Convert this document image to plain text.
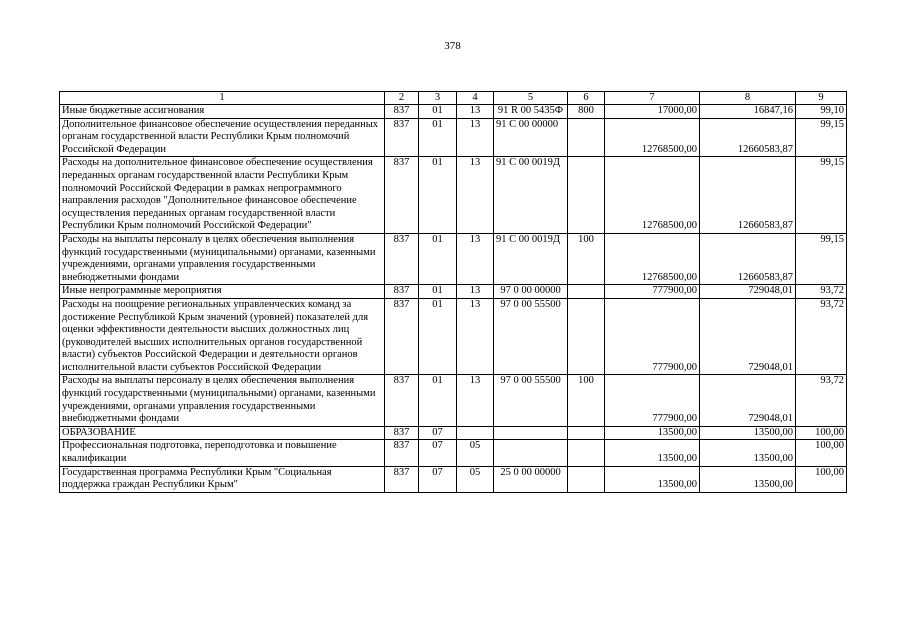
378
1	2	3	4	5	6	7	8	9
Иные бюджетные ассигнования	837	01	13	91 R 00 5435Ф	800	17000,00	16847,16	99,10
Дополнительное финансовое обеспечение осуществления переданных органам государственной власти Республики Крым полномочий Российской Федерации	837	01	13	91 С 00 00000		12768500,00	12660583,87	99,15
Расходы на дополнительное финансовое обеспечение осуществления переданных органам государственной власти Республики Крым полномочий Российской Федерации в рамках непрограммного направления расходов "Дополнительное финансовое обеспечение осуществления переданных органам государственной власти Республики Крым полномочий Российской Федерации"	837	01	13	91 С 00 0019Д		12768500,00	12660583,87	99,15
Расходы на выплаты персоналу в целях обеспечения выполнения функций государственными (муниципальными) органами, казенными учреждениями, органами управления государственными внебюджетными фондами	837	01	13	91 С 00 0019Д	100	12768500,00	12660583,87	99,15
Иные непрограммные мероприятия	837	01	13	97 0 00 00000		777900,00	729048,01	93,72
Расходы на поощрение региональных управленческих команд за достижение Республикой Крым значений (уровней) показателей для оценки эффективности деятельности высших должностных лиц (руководителей высших исполнительных органов государственной власти) субъектов Российской Федерации и деятельности органов исполнительной власти субъектов Российской Федерации	837	01	13	97 0 00 55500		777900,00	729048,01	93,72
Расходы на выплаты персоналу в целях обеспечения выполнения функций государственными (муниципальными) органами, казенными учреждениями, органами управления государственными внебюджетными фондами	837	01	13	97 0 00 55500	100	777900,00	729048,01	93,72
ОБРАЗОВАНИЕ	837	07				13500,00	13500,00	100,00
Профессиональная подготовка, переподготовка и повышение квалификации	837	07	05			13500,00	13500,00	100,00
Государственная программа Республики Крым "Социальная поддержка граждан Республики Крым"	837	07	05	25 0 00 00000		13500,00	13500,00	100,00
